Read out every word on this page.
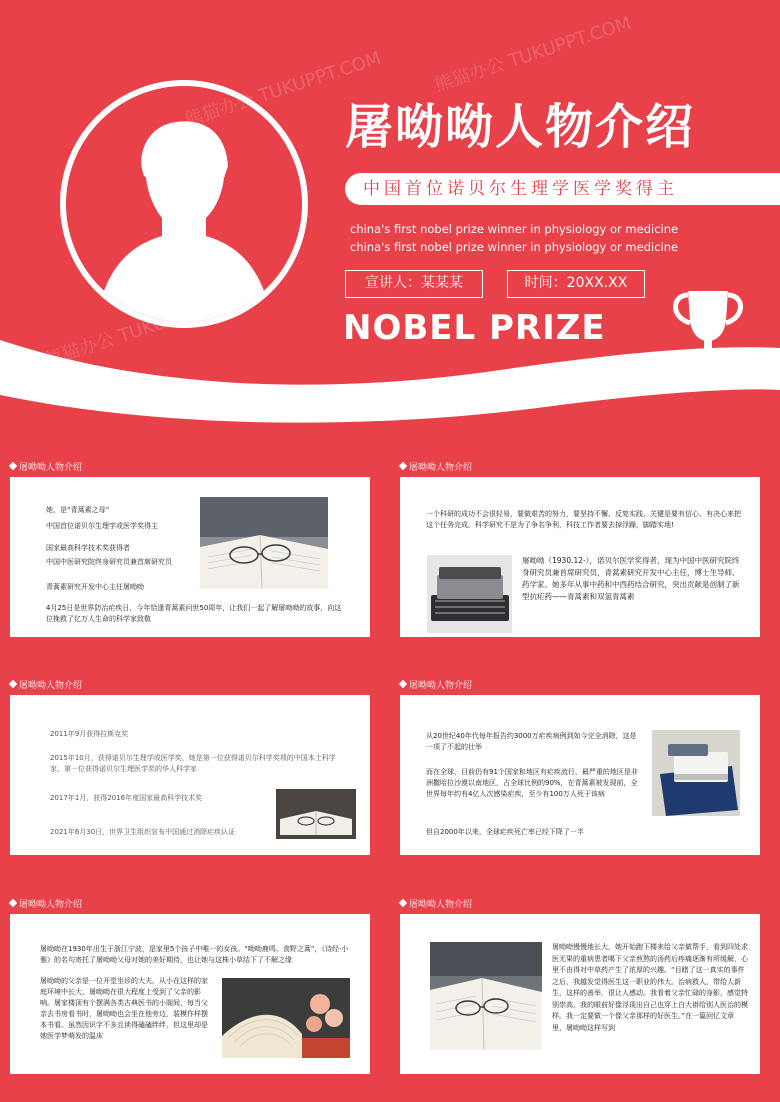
屠呦呦人物介绍
中国首位诺贝尔生理学医学奖得主
china's first nobel prize winner in physiology or medicine china's first nobel prize winner in physiology or medicine
宣讲人：某某某	时间：20XX.XX
NOBEL PRIZE
熊猫办公 TUKUPPT.COM
熊猫办公 TUKUPPT.COM
熊猫办公 TUKUPPT.COM
屠呦呦人物介绍
她，是“青蒿素之母”
中国首位诺贝尔生理学或医学奖得主
国家最高科学技术奖获得者
中国中医研究院终身研究员兼首席研究员
青蒿素研究开发中心主任屠呦呦
4月25日是世界防治疟疾日，今年恰逢青蒿素问世50周年，让我们一起了解屠呦呦的故事，向这位挽救了亿万人生命的科学家致敬
屠呦呦人物介绍
一个科研的成功不会很轻易，要做艰苦的努力，要坚持不懈、反复实践，关键是要有信心、有决心来把这个任务完成。科学研究不是为了争名争利，科技工作者要去掉浮躁，脚踏实地!
屠呦呦（1930.12-），诺贝尔医学奖得者，现为中国中医研究院终身研究员兼首席研究员，青蒿素研究开发中心主任，博士生导师、药学家。她多年从事中药和中西药结合研究，突出贡献是创制了新型抗疟药——青蒿素和双氢青蒿素
屠呦呦人物介绍
2011年9月获得拉斯克奖
2015年10月，获得诺贝尔生理学或医学奖，她是第一位获得诺贝尔科学奖项的中国本土科学家、第一位获得诺贝尔生理医学奖的华人科学家
2017年1月，获得2016年度国家最高科学技术奖
2021年6月30日，世界卫生组织宣布中国通过消除疟疾认证
屠呦呦人物介绍
从20世纪40年代每年报告约3000万疟疾病例到如今完全消除，这是一项了不起的壮举
而在全球，目前仍有91个国家和地区有疟疾流行，最严重的地区是非洲撒哈拉沙漠以南地区，占全球比例的90%，在青蒿素被发现前，全世界每年约有4亿人次感染疟疾，至少有100万人死于该病
但自2000年以来，全球疟疾死亡率已经下降了一半
屠呦呦人物介绍
屠呦呦在1930年出生于浙江宁波，是家里5个孩子中唯一的女孩。“呦呦鹿鸣，食野之蒿”，《诗经·小雅》的名句寄托了屠呦呦父母对她的美好期待，也让她与这株小草结下了不解之缘
屠呦呦的父亲是一位开堂坐诊的大夫。从小在这样的家庭环境中长大，屠呦呦在很大程度上受到了父亲的影响。屠家楼顶有个摆满各类古典医书的小阁间，每当父亲去书房看书时，屠呦呦也会坐在他旁边，装模作样摆本书看。虽然因识字不多且读得磕磕绊绊，但这里却是她医学梦萌发的温床
屠呦呦人物介绍
屠呦呦慢慢地长大，她开始跑下楼来给父亲做帮手，看到四处求医无果的重病患者喝下父亲煎熬的汤药后疼痛逐渐有所缓解，心里不由得对中草药产生了浓厚的兴趣。“目睹了这一真实的事件之后，我越发觉得医生这一职业的伟大。治病救人，带给人新生，这样的善举，很让人感动。我看着父亲忙碌的身影，感觉特别崇高。我的眼前好像浮现出自己也穿上白大褂给别人医治的模样。我一定要做一个像父亲那样的好医生。”在一篇回忆文章里，屠呦呦这样写到
